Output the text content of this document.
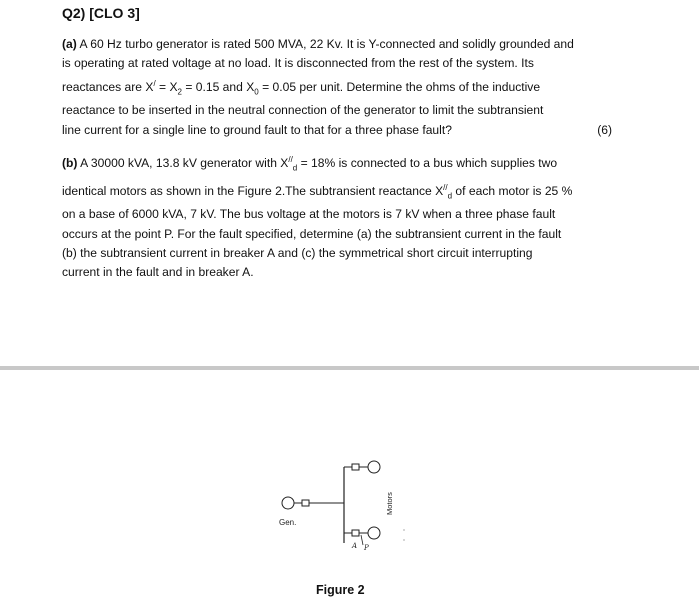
Q2) [CLO 3]
(a) A 60 Hz turbo generator is rated 500 MVA, 22 Kv. It is Y-connected and solidly grounded and
is operating at rated voltage at no load. It is disconnected from the rest of the system. Its
reactances are $X^/ = X_2 = 0.15$ and $X_0 = 0.05$ per unit. Determine the ohms of the inductive
reactance to be inserted in the neutral connection of the generator to limit the subtransient
line current for a single line to ground fault to that for a three phase fault?	(6)
(b) A 30000 kVA, 13.8 kV generator with $X^{//}_d = 18\%$ is connected to a bus which supplies two
identical motors as shown in the Figure 2.The subtransient reactance $X^{//}_d$ of each motor is 25 %
on a base of 6000 kVA, 7 kV. The bus voltage at the motors is 7 kV when a three phase fault
occurs at the point P. For the fault specified, determine (a) the subtransient current in the fault
(b) the subtransient current in breaker A and (c) the symmetrical short circuit interrupting
current in the fault and in breaker A.
Gen.
Motors
A P
Figure 2
